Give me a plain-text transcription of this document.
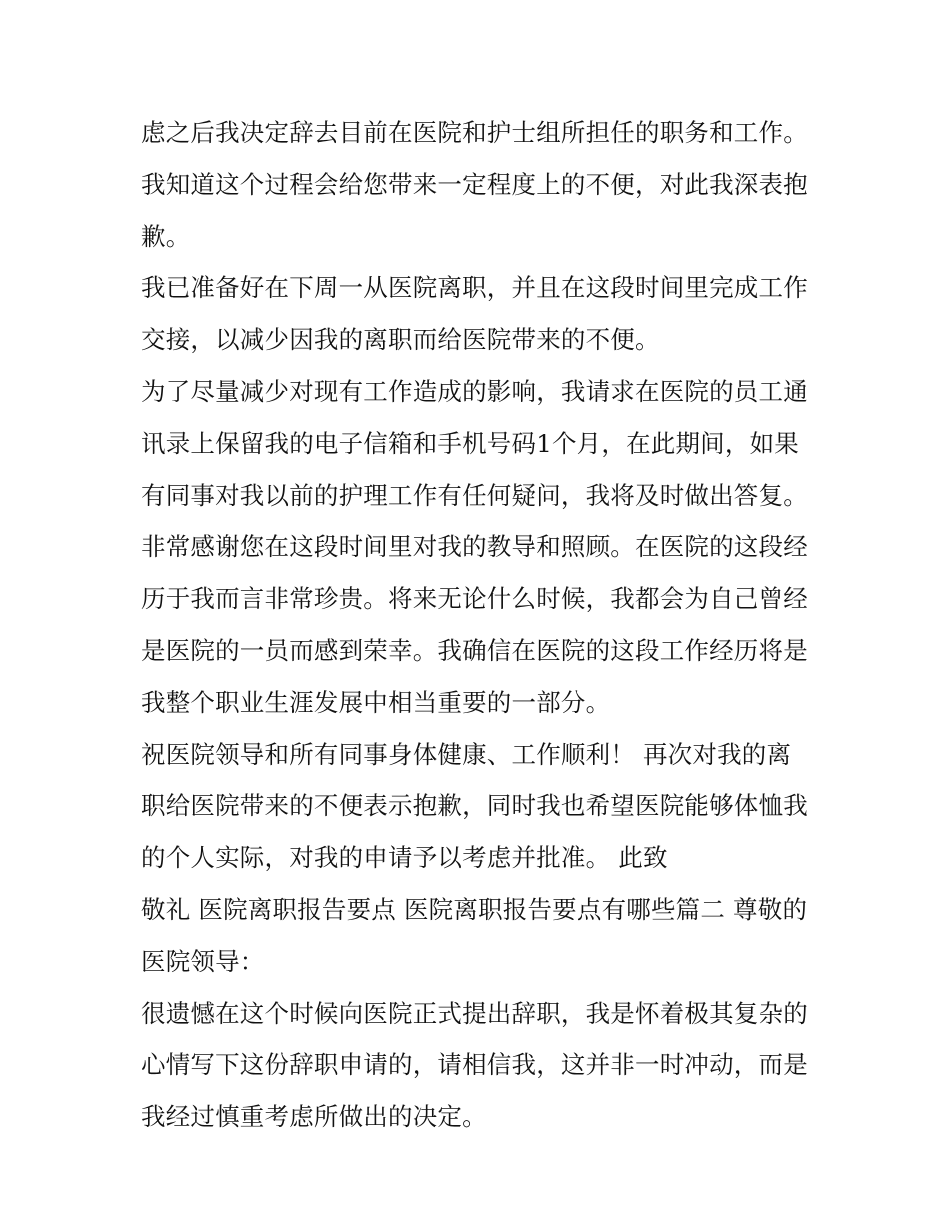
虑之后我决定辞去目前在医院和护士组所担任的职务和工作。
我知道这个过程会给您带来一定程度上的不便，对此我深表抱
歉。
我已准备好在下周一从医院离职，并且在这段时间里完成工作
交接，以减少因我的离职而给医院带来的不便。
为了尽量减少对现有工作造成的影响，我请求在医院的员工通
讯录上保留我的电子信箱和手机号码1个月，在此期间，如果
有同事对我以前的护理工作有任何疑问，我将及时做出答复。
非常感谢您在这段时间里对我的教导和照顾。在医院的这段经
历于我而言非常珍贵。将来无论什么时候，我都会为自己曾经
是医院的一员而感到荣幸。我确信在医院的这段工作经历将是
我整个职业生涯发展中相当重要的一部分。
祝医院领导和所有同事身体健康、工作顺利！ 再次对我的离
职给医院带来的不便表示抱歉，同时我也希望医院能够体恤我
的个人实际，对我的申请予以考虑并批准。 此致
敬礼 医院离职报告要点 医院离职报告要点有哪些篇二 尊敬的
医院领导：
很遗憾在这个时候向医院正式提出辞职，我是怀着极其复杂的
心情写下这份辞职申请的，请相信我，这并非一时冲动，而是
我经过慎重考虑所做出的决定。
